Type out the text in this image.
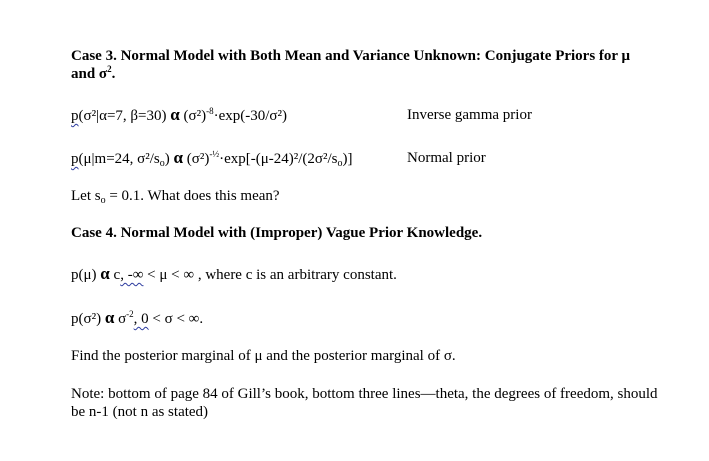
Case 3. Normal Model with Both Mean and Variance Unknown: Conjugate Priors for μ
and $\sigma^2$.
p(σ²|α=7, β=30) α $(\sigma^2)^{-8}\cdot\exp(-30/\sigma^2)$	Inverse gamma prior
p(μ|m=24, $\sigma^2/s_o$) α $(\sigma^2)^{-\frac{1}{2}}\cdot\exp[-(\mu-24)^2/(2\sigma^2/s_o)]$	Normal prior
Let $s_o = 0.1$. What does this mean?
Case 4. Normal Model with (Improper) Vague Prior Knowledge.
p(μ) α c, -∞ < μ < ∞ , where c is an arbitrary constant.
p(σ²) α $\sigma^{-2}$, 0 < σ < ∞.
Find the posterior marginal of μ and the posterior marginal of σ.
Note: bottom of page 84 of Gill’s book, bottom three lines—theta, the degrees of freedom, should be n-1 (not n as stated)
